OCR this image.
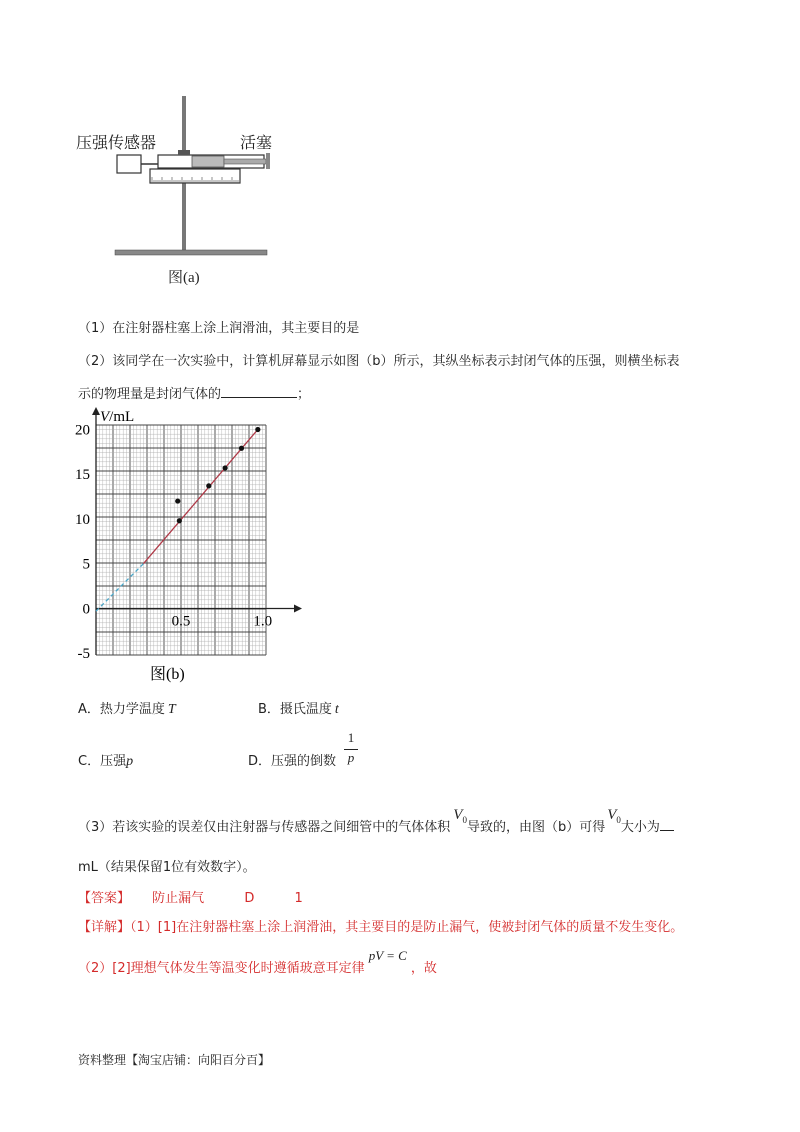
压强传感器	活塞
图(a)
（1）在注射器柱塞上涂上润滑油，其主要目的是
（2）该同学在一次实验中，计算机屏幕显示如图（b）所示，其纵坐标表示封闭气体的压强，则横坐标表
示的物理量是封闭气体的	；
V/mL
20
15
10
5
0
-5
0.5	1.0
图(b)
A．热力学温度 T	B．摄氏温度 t
C．压强p	D．压强的倒数
1
p
（3）若该实验的误差仅由注射器与传感器之间细管中的气体体积$V_0$导致的，由图（b）可得$V_0$大小为
mL（结果保留1位有效数字）。
【答案】 防止漏气	D	1
【详解】（1）[1]在注射器柱塞上涂上润滑油，其主要目的是防止漏气，使被封闭气体的质量不发生变化。
（2）[2]理想气体发生等温变化时遵循玻意耳定律pV = C，故
资料整理【淘宝店铺：向阳百分百】
